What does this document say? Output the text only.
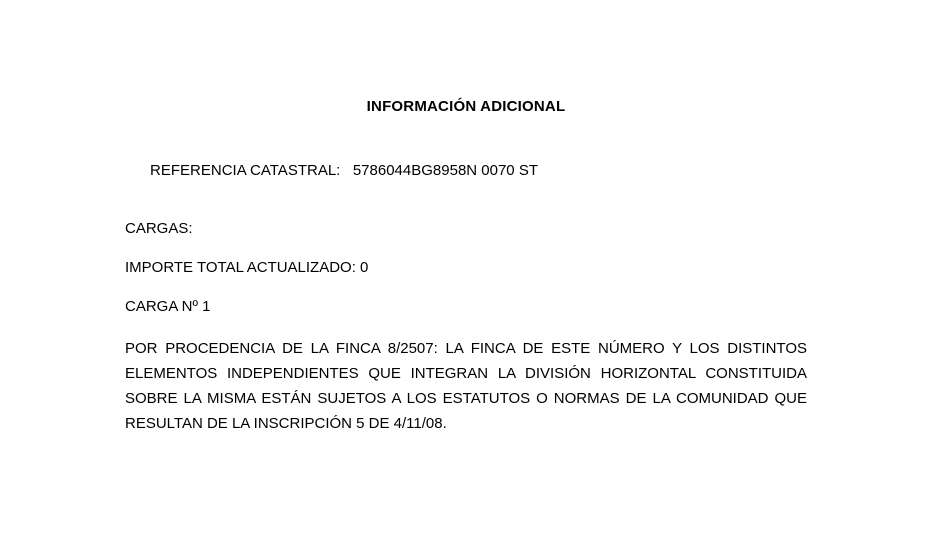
INFORMACIÓN ADICIONAL

REFERENCIA CATASTRAL: 5786044BG8958N 0070 ST

CARGAS:
IMPORTE TOTAL ACTUALIZADO: 0
CARGA Nº 1
POR PROCEDENCIA DE LA FINCA 8/2507: LA FINCA DE ESTE NÚMERO Y LOS DISTINTOS ELEMENTOS INDEPENDIENTES QUE INTEGRAN LA DIVISIÓN HORIZONTAL CONSTITUIDA SOBRE LA MISMA ESTÁN SUJETOS A LOS ESTATUTOS O NORMAS DE LA COMUNIDAD QUE RESULTAN DE LA INSCRIPCIÓN 5 DE 4/11/08.
